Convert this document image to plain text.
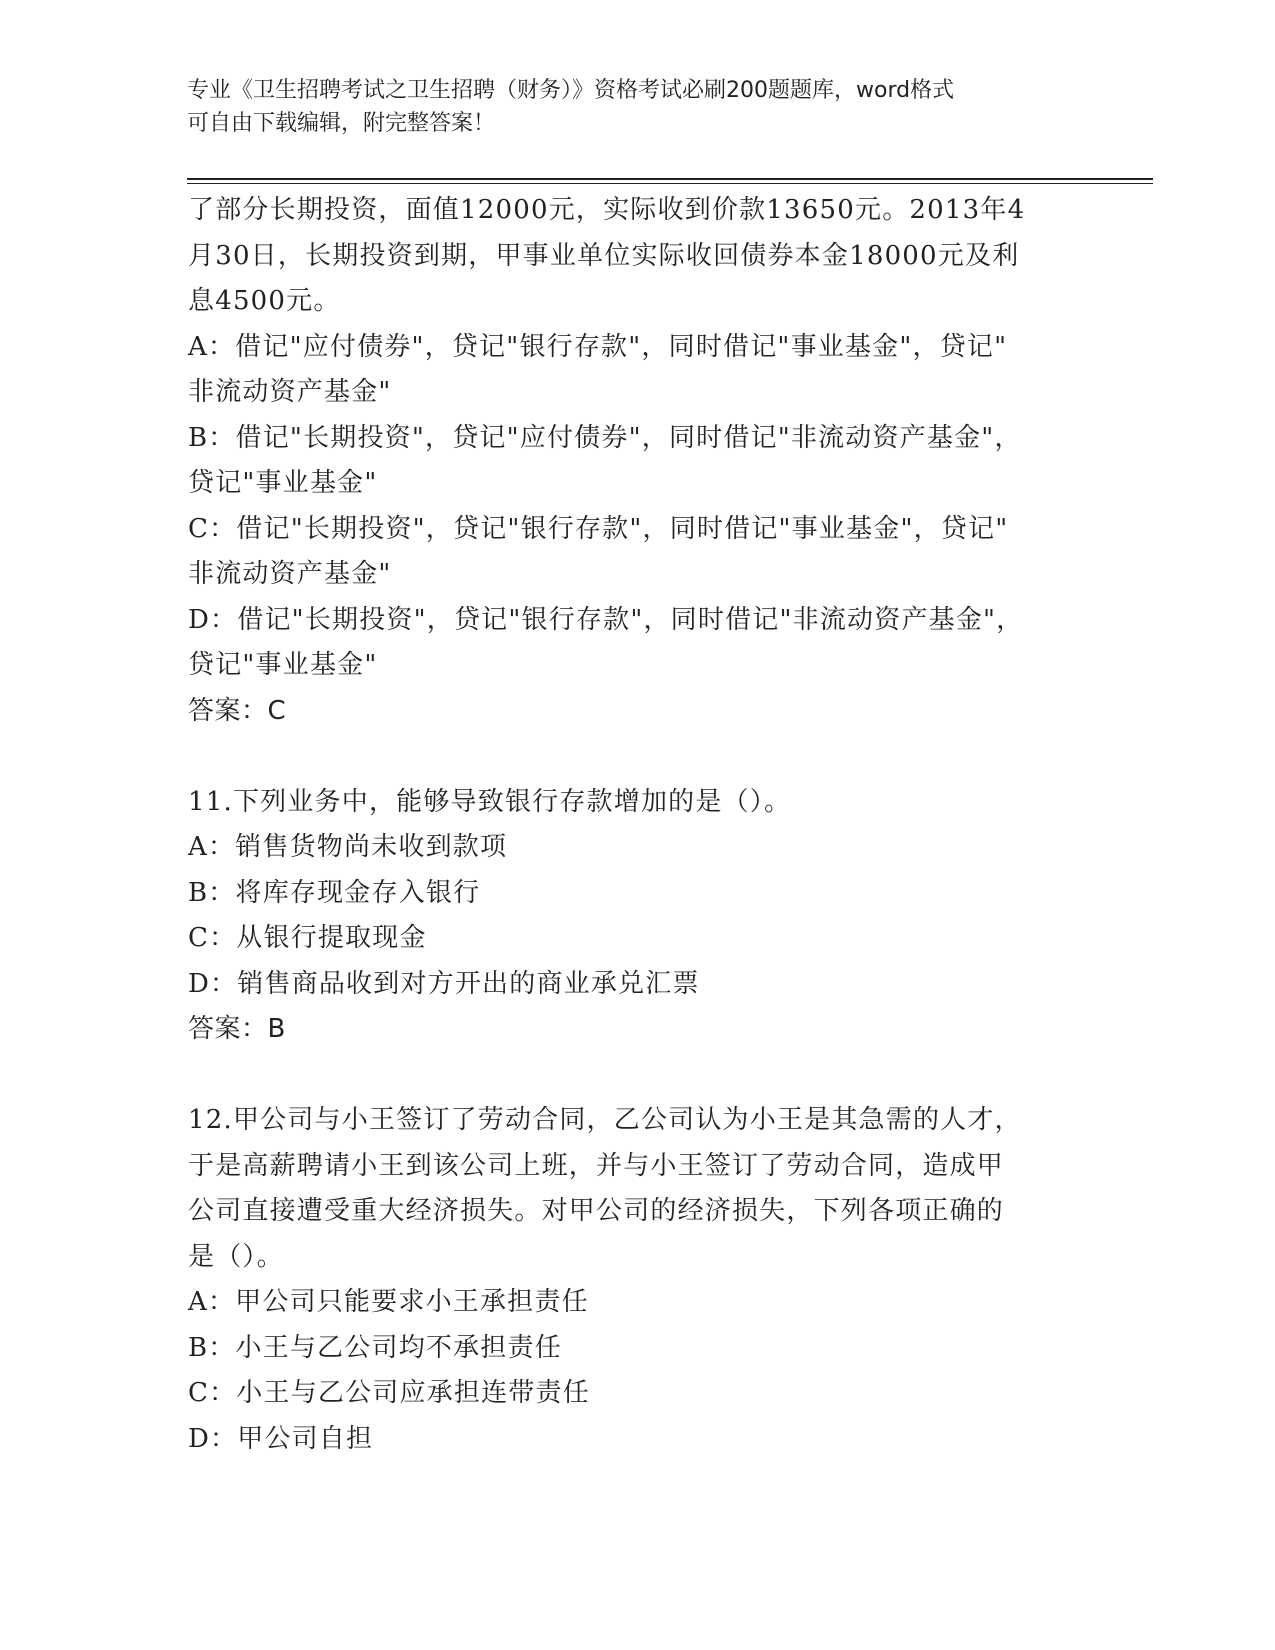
专业《卫生招聘考试之卫生招聘（财务）》资格考试必刷200题题库，word格式
可自由下载编辑，附完整答案！
了部分长期投资，面值12000元，实际收到价款13650元。2013年4
月30日，长期投资到期，甲事业单位实际收回债券本金18000元及利
息4500元。
A：借记"应付债券"，贷记"银行存款"，同时借记"事业基金"，贷记"
非流动资产基金"
B：借记"长期投资"，贷记"应付债券"，同时借记"非流动资产基金"，
贷记"事业基金"
C：借记"长期投资"，贷记"银行存款"，同时借记"事业基金"，贷记"
非流动资产基金"
D：借记"长期投资"，贷记"银行存款"，同时借记"非流动资产基金"，
贷记"事业基金"
答案：C
11.下列业务中，能够导致银行存款增加的是（）。
A：销售货物尚未收到款项
B：将库存现金存入银行
C：从银行提取现金
D：销售商品收到对方开出的商业承兑汇票
答案：B
12.甲公司与小王签订了劳动合同，乙公司认为小王是其急需的人才，
于是高薪聘请小王到该公司上班，并与小王签订了劳动合同，造成甲
公司直接遭受重大经济损失。对甲公司的经济损失，下列各项正确的
是（）。
A：甲公司只能要求小王承担责任
B：小王与乙公司均不承担责任
C：小王与乙公司应承担连带责任
D：甲公司自担
